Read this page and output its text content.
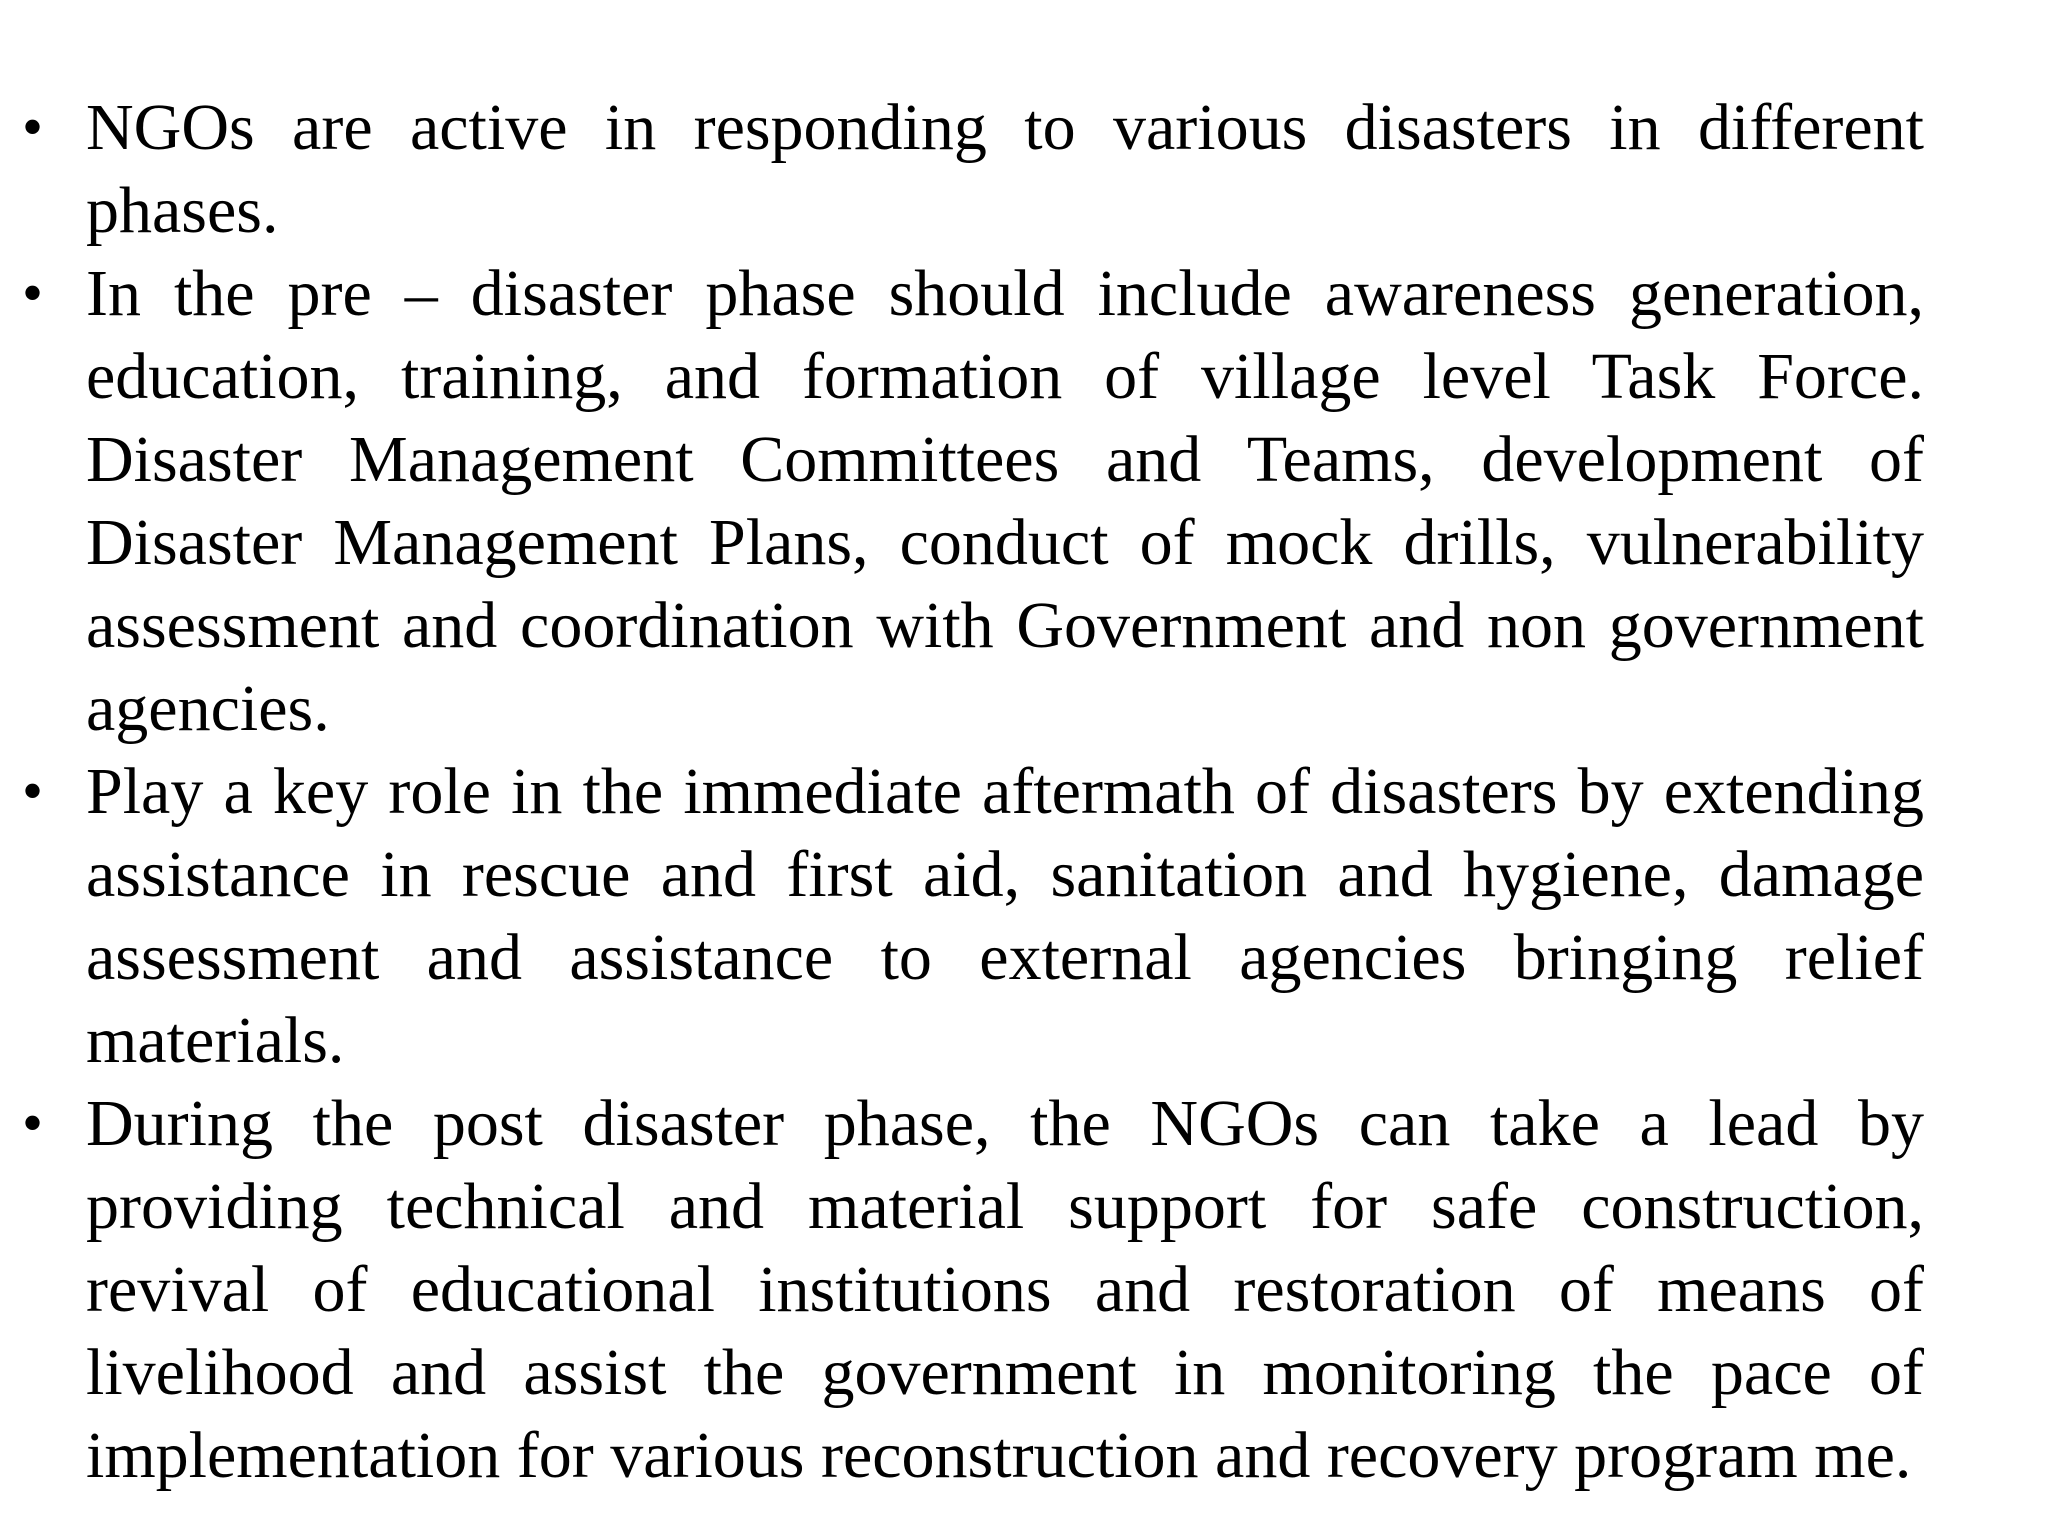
• NGOs are active in responding to various disasters in different phases.
• In the pre – disaster phase should include awareness generation, education, training, and formation of village level Task Force. Disaster Management Committees and Teams, development of Disaster Management Plans, conduct of mock drills, vulnerability assessment and coordination with Government and non government agencies.
• Play a key role in the immediate aftermath of disasters by extending assistance in rescue and first aid, sanitation and hygiene, damage assessment and assistance to external agencies bringing relief materials.
• During the post disaster phase, the NGOs can take a lead by providing technical and material support for safe construction, revival of educational institutions and restoration of means of livelihood and assist the government in monitoring the pace of implementation for various reconstruction and recovery program me.
